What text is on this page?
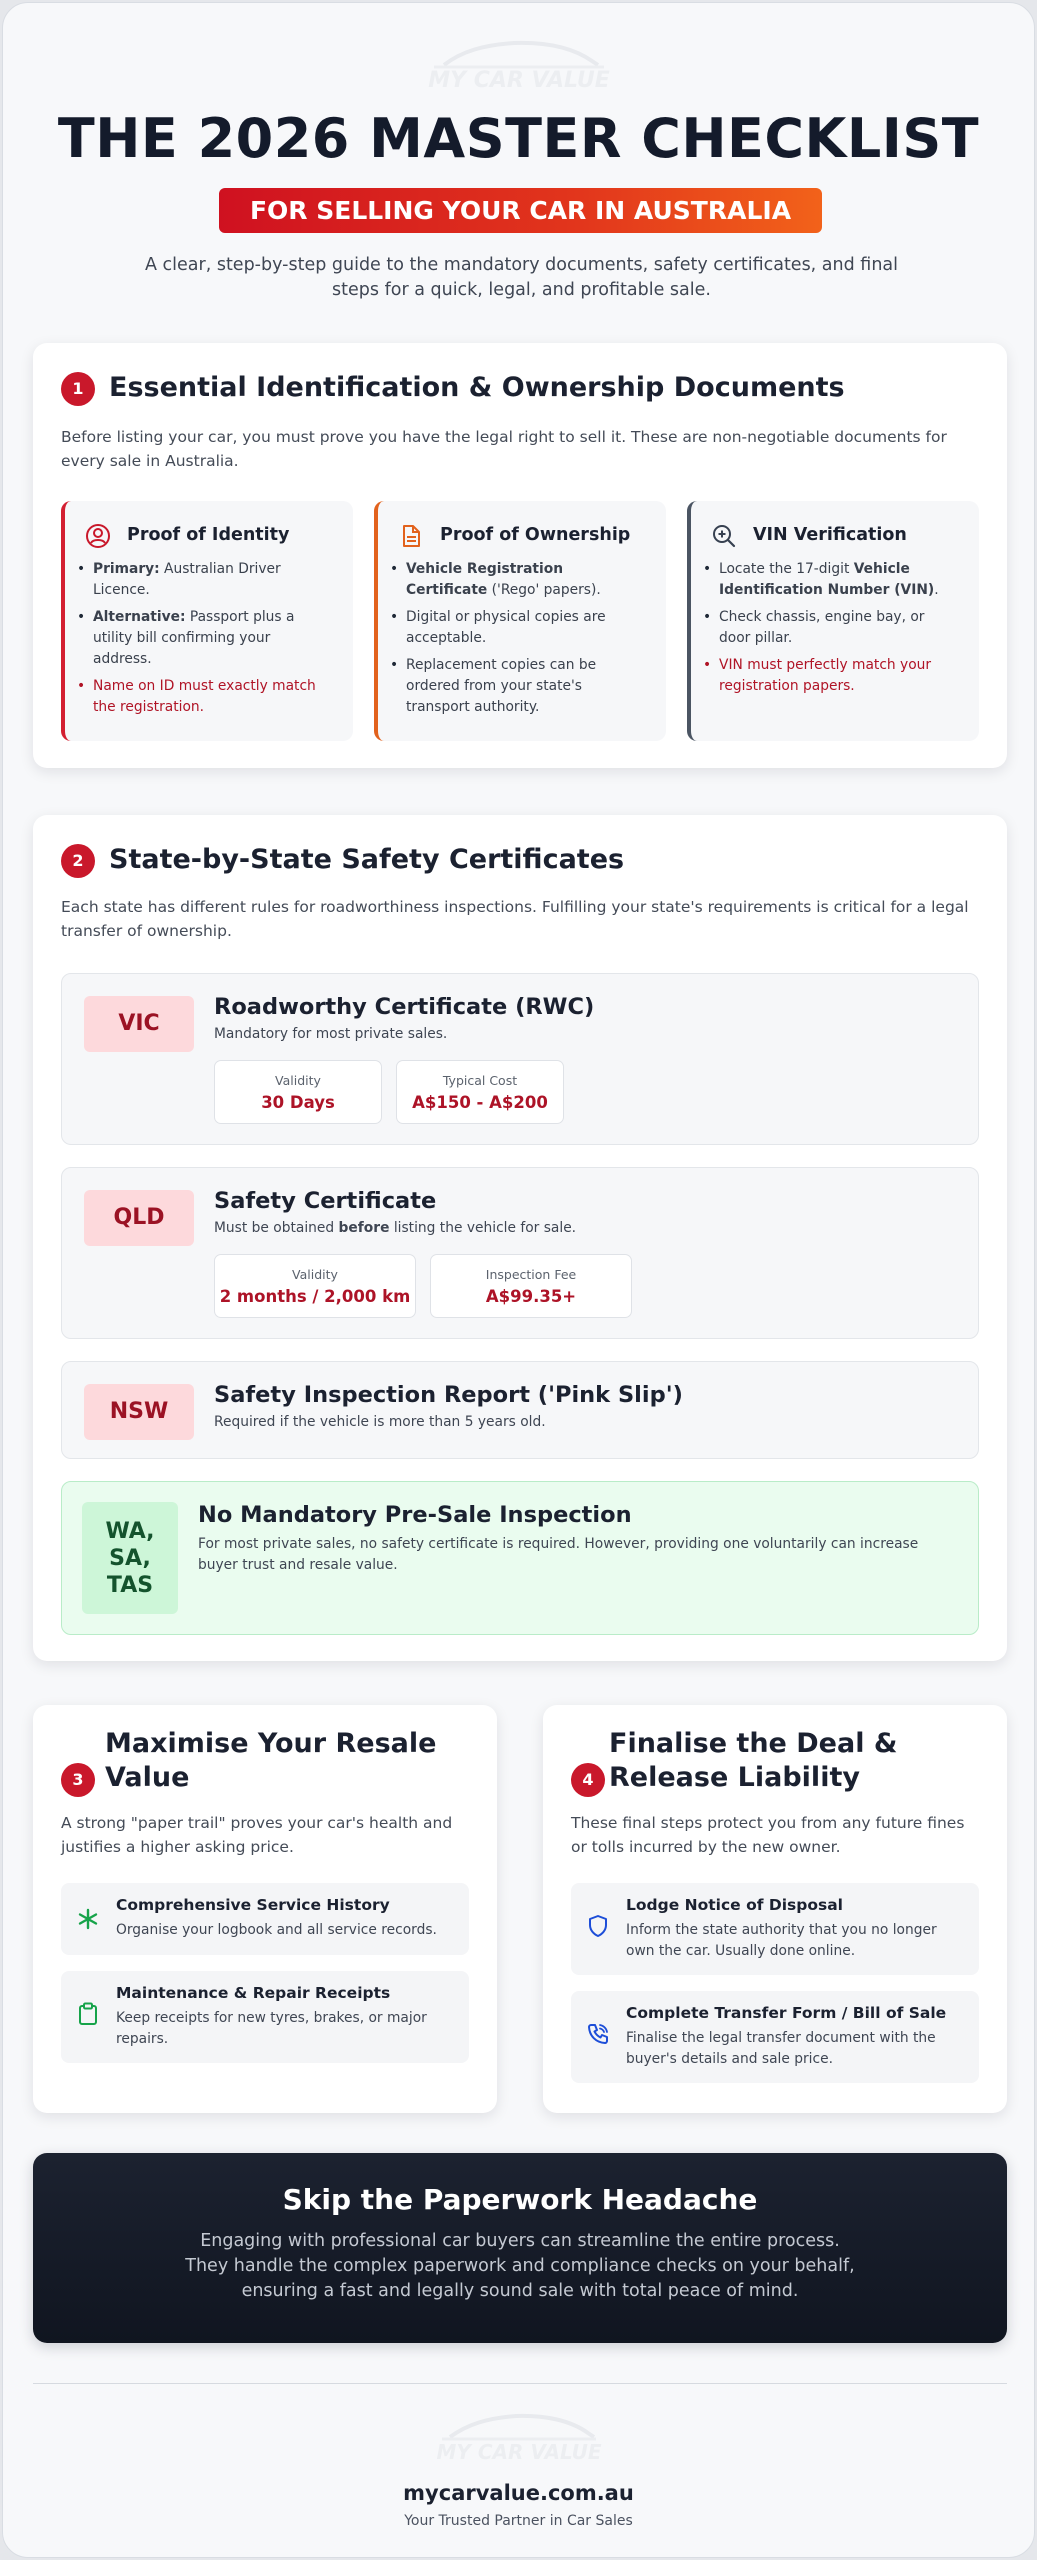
MY CAR VALUE
THE 2026 MASTER CHECKLIST
FOR SELLING YOUR CAR IN AUSTRALIA
A clear, step-by-step guide to the mandatory documents, safety certificates, and final
steps for a quick, legal, and profitable sale.
1 Essential Identification & Ownership Documents
Before listing your car, you must prove you have the legal right to sell it. These are non-negotiable documents for every sale in Australia.
Proof of Identity
• Primary: Australian Driver Licence.
• Alternative: Passport plus a utility bill confirming your address.
• Name on ID must exactly match the registration.
Proof of Ownership
• Vehicle Registration Certificate ('Rego' papers).
• Digital or physical copies are acceptable.
• Replacement copies can be ordered from your state's transport authority.
VIN Verification
• Locate the 17-digit Vehicle Identification Number (VIN).
• Check chassis, engine bay, or door pillar.
• VIN must perfectly match your registration papers.
2 State-by-State Safety Certificates
Each state has different rules for roadworthiness inspections. Fulfilling your state's requirements is critical for a legal transfer of ownership.
VIC
Roadworthy Certificate (RWC)
Mandatory for most private sales.
Validity
30 Days
Typical Cost
A$150 - A$200
QLD
Safety Certificate
Must be obtained before listing the vehicle for sale.
Validity
2 months / 2,000 km
Inspection Fee
A$99.35+
NSW
Safety Inspection Report ('Pink Slip')
Required if the vehicle is more than 5 years old.
WA,
SA,
TAS
No Mandatory Pre-Sale Inspection
For most private sales, no safety certificate is required. However, providing one voluntarily can increase buyer trust and resale value.
3
Maximise Your Resale
Value
A strong "paper trail" proves your car's health and justifies a higher asking price.
Comprehensive Service History
Organise your logbook and all service records.
Maintenance & Repair Receipts
Keep receipts for new tyres, brakes, or major repairs.
4
Finalise the Deal &
Release Liability
These final steps protect you from any future fines or tolls incurred by the new owner.
Lodge Notice of Disposal
Inform the state authority that you no longer own the car. Usually done online.
Complete Transfer Form / Bill of Sale
Finalise the legal transfer document with the buyer's details and sale price.
Skip the Paperwork Headache
Engaging with professional car buyers can streamline the entire process.
They handle the complex paperwork and compliance checks on your behalf,
ensuring a fast and legally sound sale with total peace of mind.
MY CAR VALUE
mycarvalue.com.au
Your Trusted Partner in Car Sales
